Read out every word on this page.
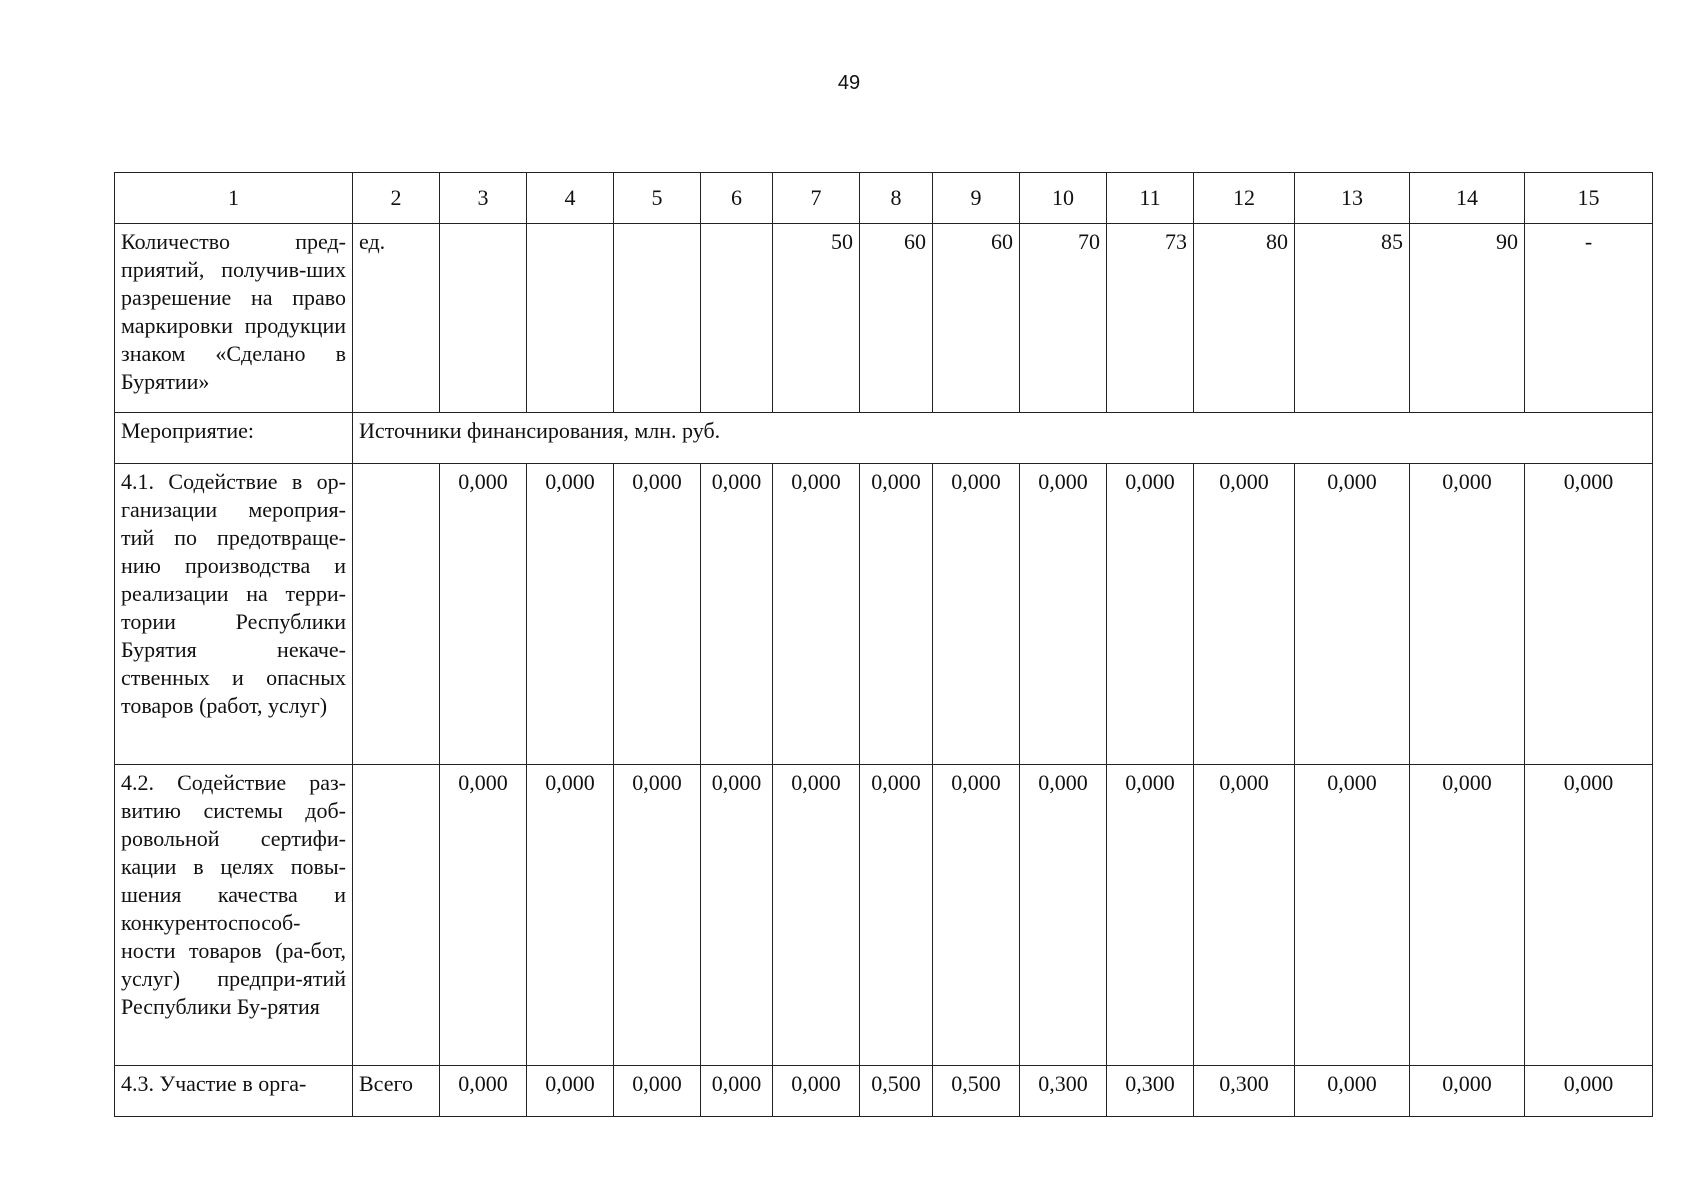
49
1	2	3	4	5	6	7	8	9	10	11	12	13	14	15
Количество пред-приятий, получив-ших разрешение на право маркировки продукции знаком «Сделано в Бурятии»	ед.					50	60	60	70	73	80	85	90	-
Мероприятие:	Источники финансирования, млн. руб.													
4.1. Содействие в ор-ганизации мероприя-тий по предотвраще-нию производства и реализации на терри-тории Республики Бурятия некаче-ственных и опасных товаров (работ, услуг)		0,000	0,000	0,000	0,000	0,000	0,000	0,000	0,000	0,000	0,000	0,000	0,000	0,000
4.2. Содействие раз-витию системы доб-ровольной сертифи-кации в целях повы-шения качества и конкурентоспособ-ности товаров (ра-бот, услуг) предпри-ятий Республики Бу-рятия		0,000	0,000	0,000	0,000	0,000	0,000	0,000	0,000	0,000	0,000	0,000	0,000	0,000
4.3. Участие в орга-	Всего	0,000	0,000	0,000	0,000	0,000	0,500	0,500	0,300	0,300	0,300	0,000	0,000	0,000
